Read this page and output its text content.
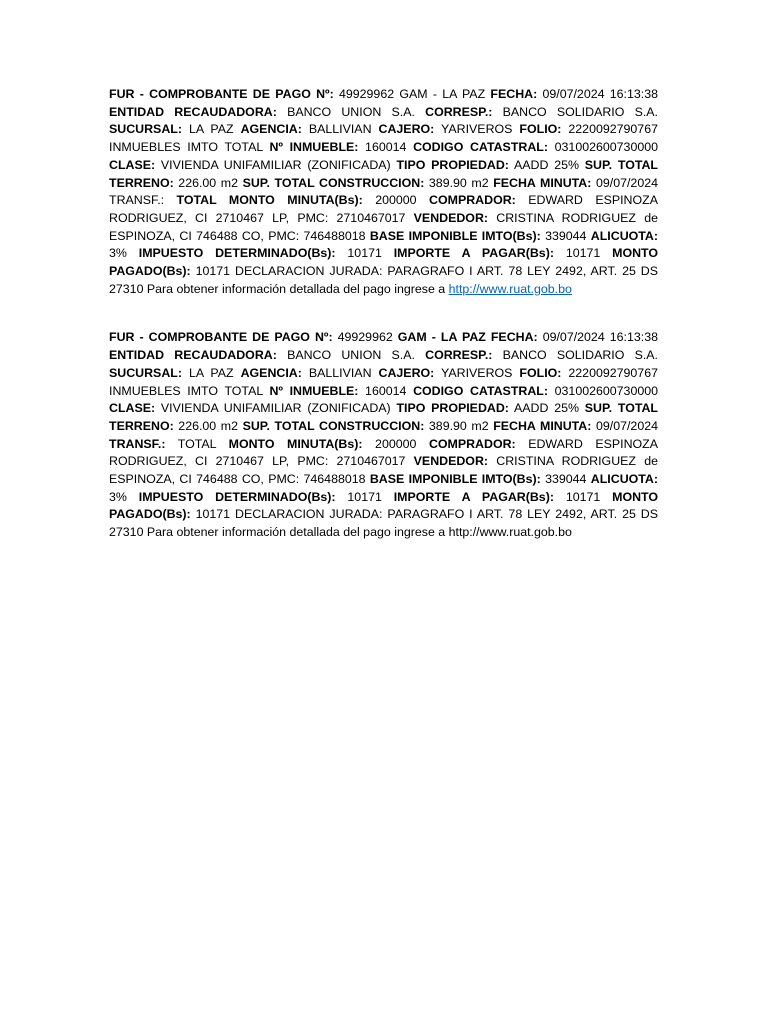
FUR - COMPROBANTE DE PAGO Nº: 49929962 GAM - LA PAZ FECHA: 09/07/2024 16:13:38 ENTIDAD RECAUDADORA: BANCO UNION S.A. CORRESP.: BANCO SOLIDARIO S.A. SUCURSAL: LA PAZ AGENCIA: BALLIVIAN CAJERO: YARIVEROS FOLIO: 2220092790767 INMUEBLES IMTO TOTAL Nº INMUEBLE: 160014 CODIGO CATASTRAL: 031002600730000 CLASE: VIVIENDA UNIFAMILIAR (ZONIFICADA) TIPO PROPIEDAD: AADD 25% SUP. TOTAL TERRENO: 226.00 m2 SUP. TOTAL CONSTRUCCION: 389.90 m2 FECHA MINUTA: 09/07/2024 TRANSF.: TOTAL MONTO MINUTA(Bs): 200000 COMPRADOR: EDWARD ESPINOZA RODRIGUEZ, CI 2710467 LP, PMC: 2710467017 VENDEDOR: CRISTINA RODRIGUEZ de ESPINOZA, CI 746488 CO, PMC: 746488018 BASE IMPONIBLE IMTO(Bs): 339044 ALICUOTA: 3% IMPUESTO DETERMINADO(Bs): 10171 IMPORTE A PAGAR(Bs): 10171 MONTO PAGADO(Bs): 10171 DECLARACION JURADA: PARAGRAFO I ART. 78 LEY 2492, ART. 25 DS 27310 Para obtener información detallada del pago ingrese a http://www.ruat.gob.bo

FUR - COMPROBANTE DE PAGO Nº: 49929962 GAM - LA PAZ FECHA: 09/07/2024 16:13:38 ENTIDAD RECAUDADORA: BANCO UNION S.A. CORRESP.: BANCO SOLIDARIO S.A. SUCURSAL: LA PAZ AGENCIA: BALLIVIAN CAJERO: YARIVEROS FOLIO: 2220092790767 INMUEBLES IMTO TOTAL Nº INMUEBLE: 160014 CODIGO CATASTRAL: 031002600730000 CLASE: VIVIENDA UNIFAMILIAR (ZONIFICADA) TIPO PROPIEDAD: AADD 25% SUP. TOTAL TERRENO: 226.00 m2 SUP. TOTAL CONSTRUCCION: 389.90 m2 FECHA MINUTA: 09/07/2024 TRANSF.: TOTAL MONTO MINUTA(Bs): 200000 COMPRADOR: EDWARD ESPINOZA RODRIGUEZ, CI 2710467 LP, PMC: 2710467017 VENDEDOR: CRISTINA RODRIGUEZ de ESPINOZA, CI 746488 CO, PMC: 746488018 BASE IMPONIBLE IMTO(Bs): 339044 ALICUOTA: 3% IMPUESTO DETERMINADO(Bs): 10171 IMPORTE A PAGAR(Bs): 10171 MONTO PAGADO(Bs): 10171 DECLARACION JURADA: PARAGRAFO I ART. 78 LEY 2492, ART. 25 DS 27310 Para obtener información detallada del pago ingrese a http://www.ruat.gob.bo
